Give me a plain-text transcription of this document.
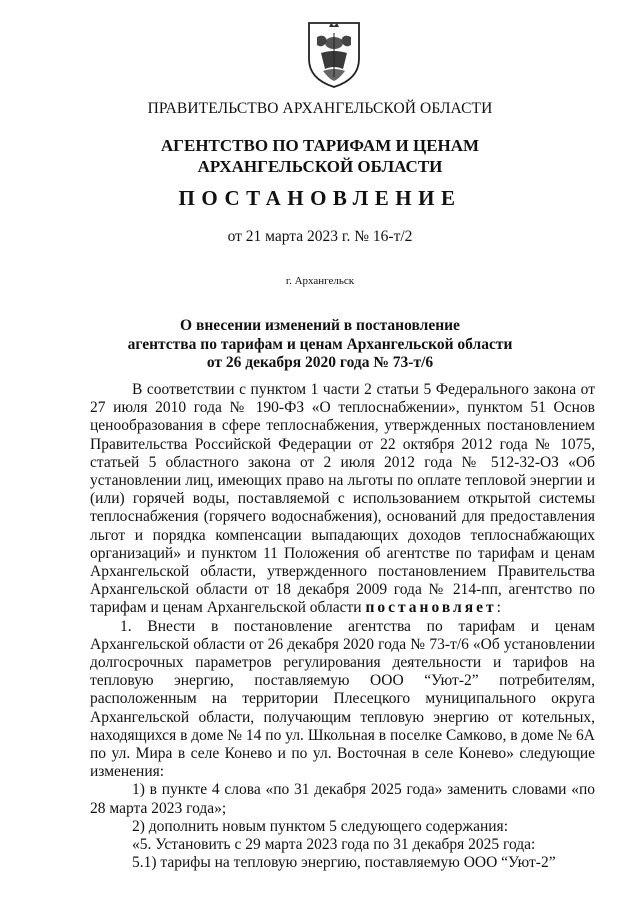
ПРАВИТЕЛЬСТВО АРХАНГЕЛЬСКОЙ ОБЛАСТИ
АГЕНТСТВО ПО ТАРИФАМ И ЦЕНАМ
АРХАНГЕЛЬСКОЙ ОБЛАСТИ
ПОСТАНОВЛЕНИЕ
от 21 марта 2023 г. № 16-т/2
г. Архангельск
О внесении изменений в постановление
агентства по тарифам и ценам Архангельской области
от 26 декабря 2020 года № 73-т/6
В соответствии с пунктом 1 части 2 статьи 5 Федерального закона от 27 июля 2010 года № 190-ФЗ «О теплоснабжении», пунктом 51 Основ ценообразования в сфере теплоснабжения, утвержденных постановлением Правительства Российской Федерации от 22 октября 2012 года № 1075, статьей 5 областного закона от 2 июля 2012 года № 512-32-ОЗ «Об установлении лиц, имеющих право на льготы по оплате тепловой энергии и (или) горячей воды, поставляемой с использованием открытой системы теплоснабжения (горячего водоснабжения), оснований для предоставления льгот и порядка компенсации выпадающих доходов теплоснабжающих организаций» и пунктом 11 Положения об агентстве по тарифам и ценам Архангельской области, утвержденного постановлением Правительства Архангельской области от 18 декабря 2009 года № 214-пп, агентство по тарифам и ценам Архангельской области постановляет:
1. Внести в постановление агентства по тарифам и ценам Архангельской области от 26 декабря 2020 года № 73-т/6 «Об установлении долгосрочных параметров регулирования деятельности и тарифов на тепловую энергию, поставляемую ООО “Уют-2” потребителям, расположенным на территории Плесецкого муниципального округа Архангельской области, получающим тепловую энергию от котельных, находящихся в доме № 14 по ул. Школьная в поселке Самково, в доме № 6А по ул. Мира в селе Конево и по ул. Восточная в селе Конево» следующие изменения:
1) в пункте 4 слова «по 31 декабря 2025 года» заменить словами «по 28 марта 2023 года»;
2) дополнить новым пунктом 5 следующего содержания:
«5. Установить с 29 марта 2023 года по 31 декабря 2025 года:
5.1) тарифы на тепловую энергию, поставляемую ООО “Уют-2”
